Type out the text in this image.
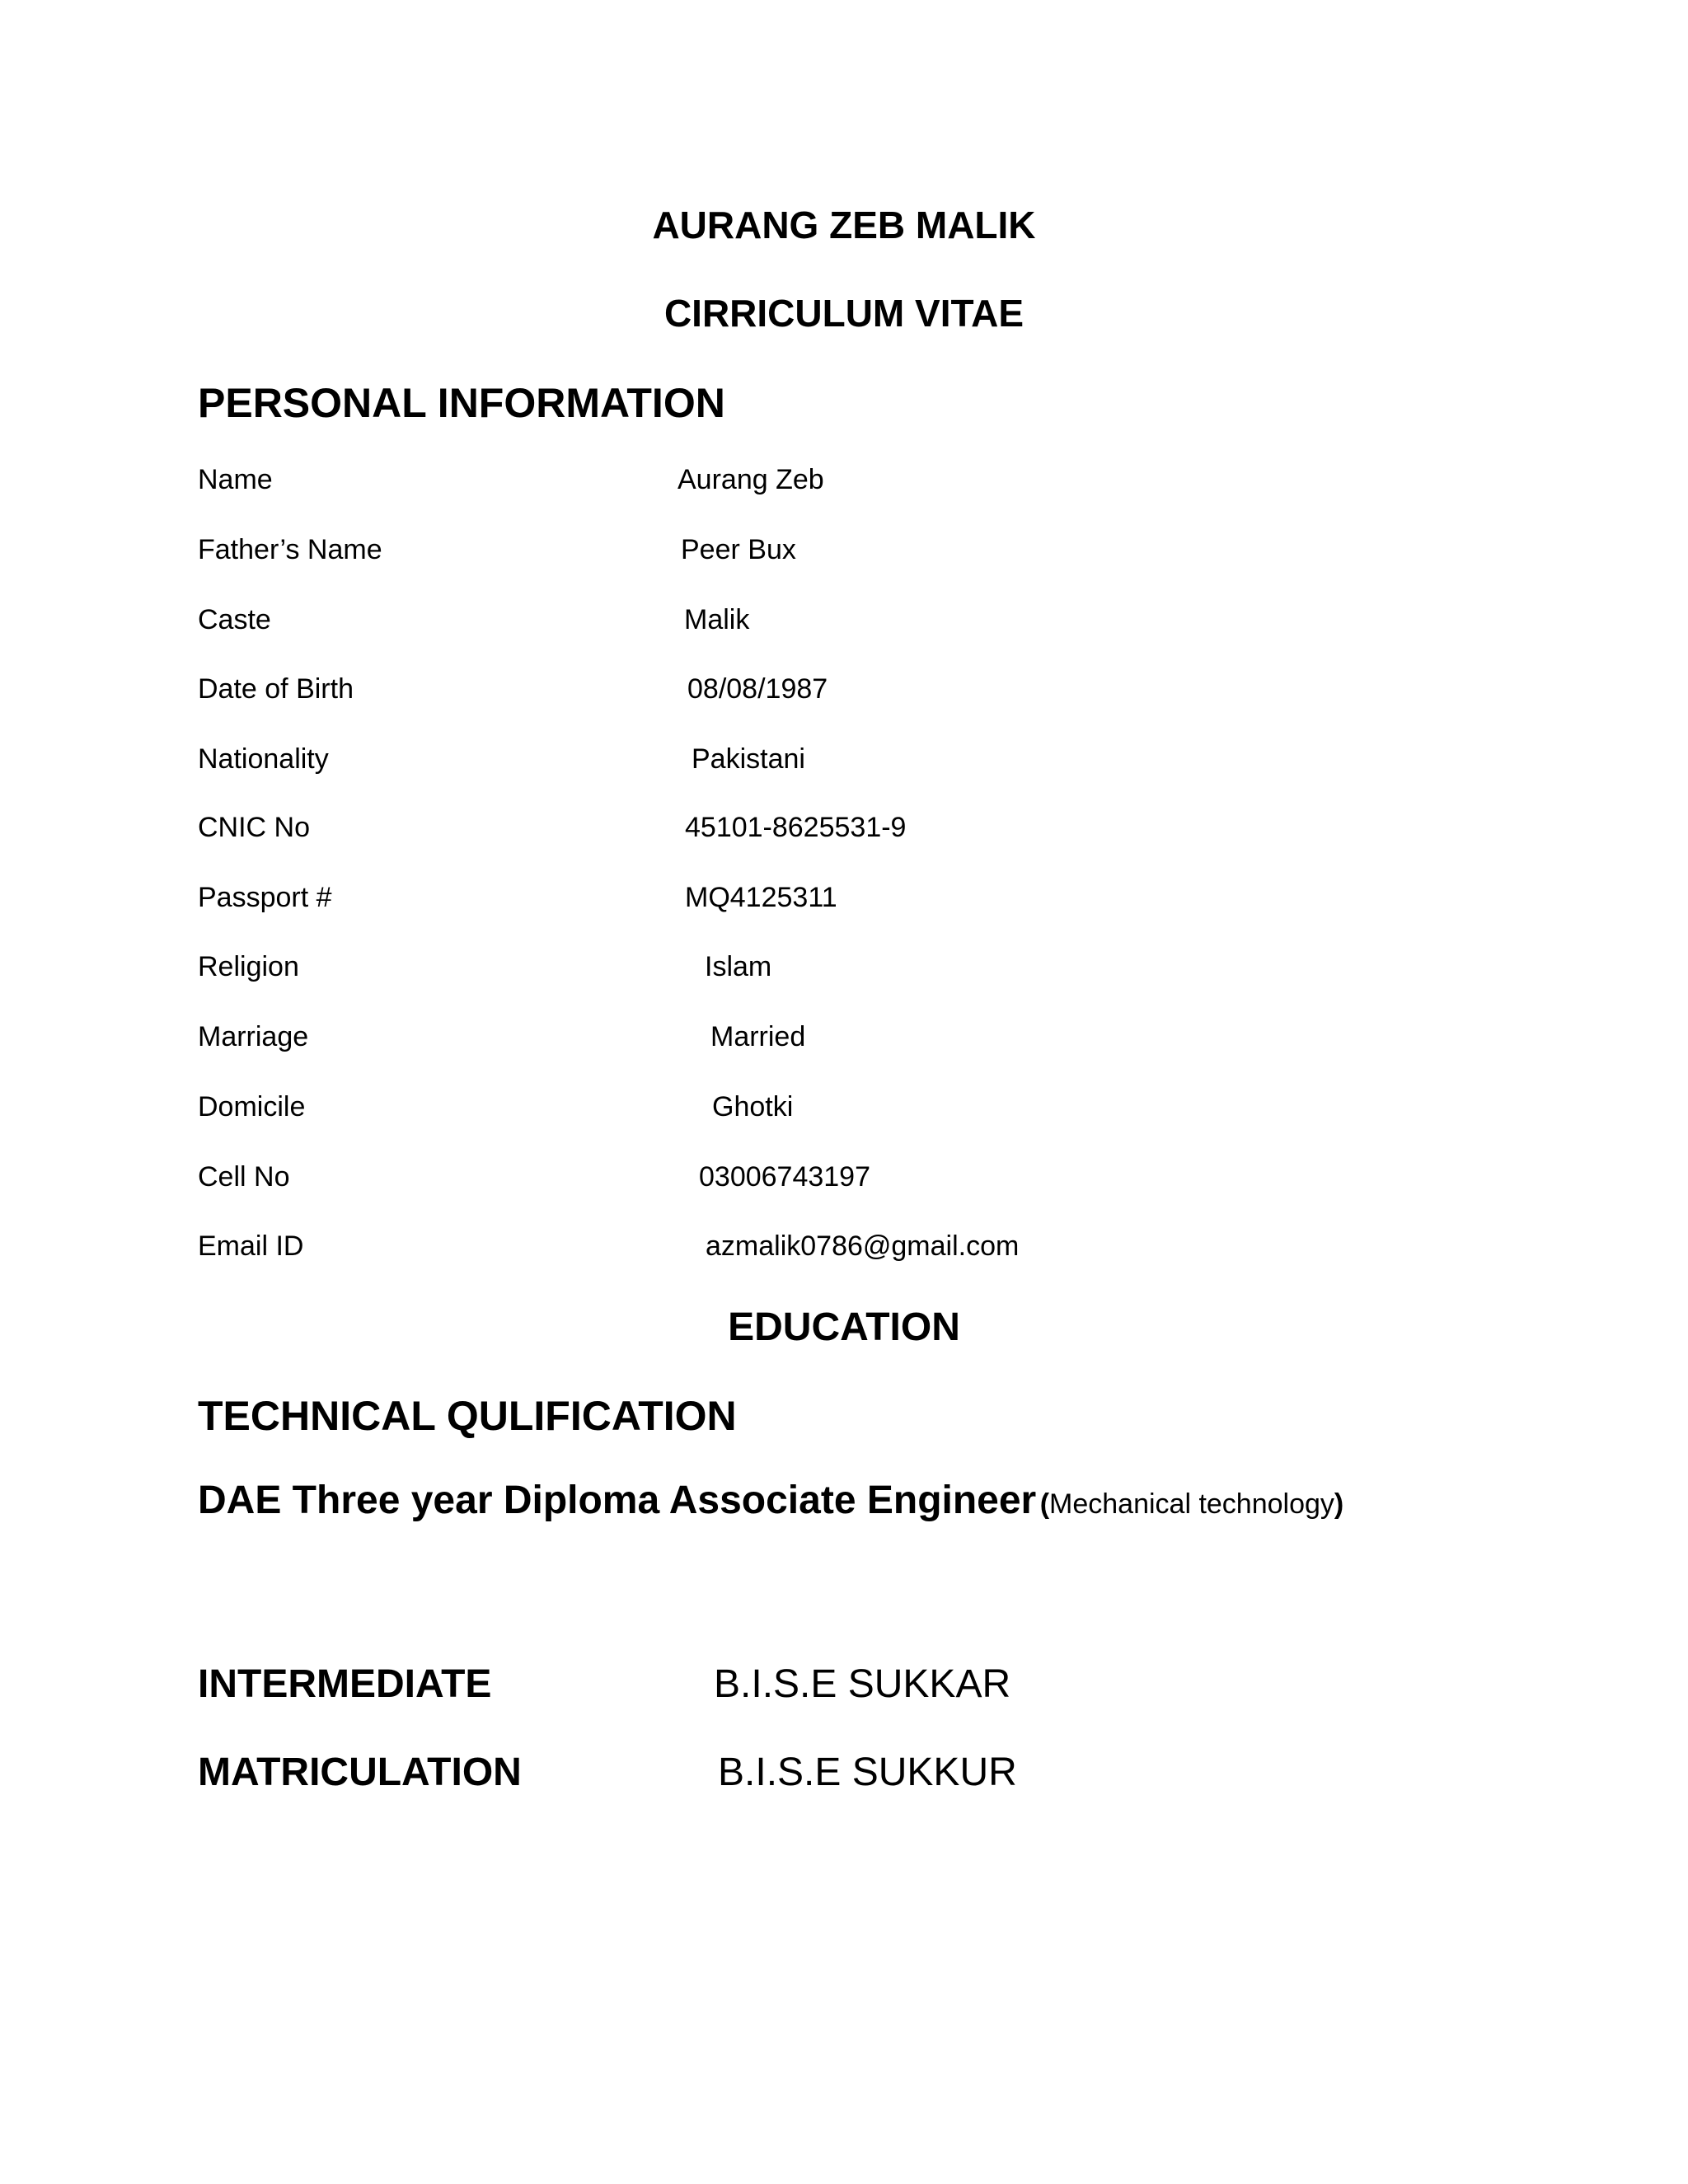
AURANG ZEB MALIK
CIRRICULUM VITAE
PERSONAL INFORMATION
Name	Aurang Zeb
Father’s Name	Peer Bux
Caste	Malik
Date of Birth	08/08/1987
Nationality	Pakistani
CNIC No	45101-8625531-9
Passport #	MQ4125311
Religion	Islam
Marriage	Married
Domicile	Ghotki
Cell No	03006743197
Email ID	azmalik0786@gmail.com
EDUCATION
TECHNICAL QULIFICATION
DAE Three year Diploma Associate Engineer (Mechanical technology)
INTERMEDIATE	B.I.S.E SUKKAR
MATRICULATION	B.I.S.E SUKKUR
